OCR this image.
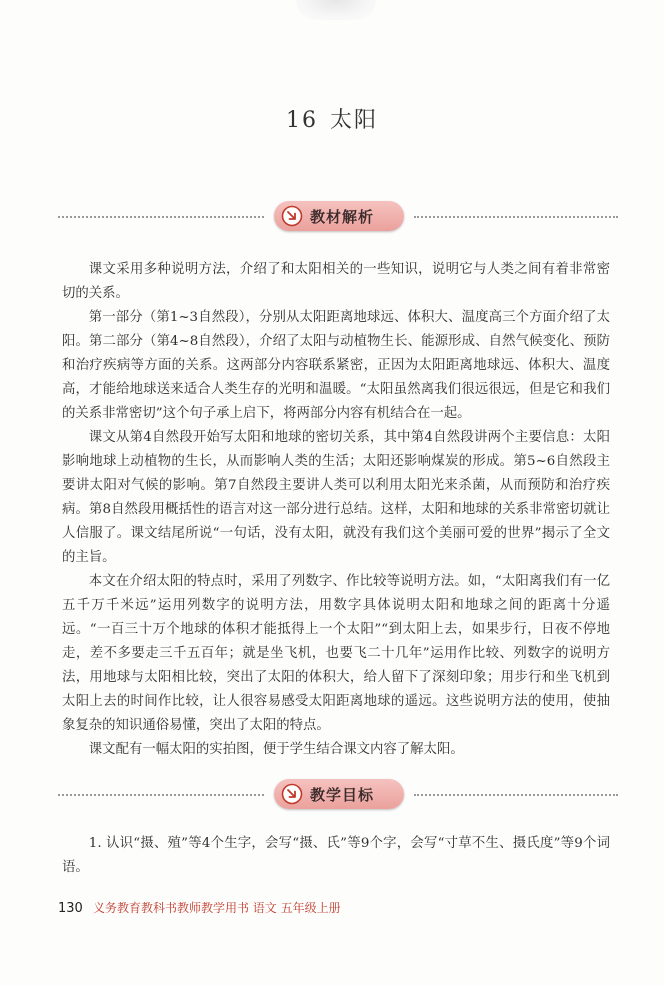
16 太阳
教材解析

课文采用多种说明方法，介绍了和太阳相关的一些知识，说明它与人类之间有着非常密切的关系。

第一部分（第1~3自然段），分别从太阳距离地球远、体积大、温度高三个方面介绍了太阳。第二部分（第4~8自然段），介绍了太阳与动植物生长、能源形成、自然气候变化、预防和治疗疾病等方面的关系。这两部分内容联系紧密，正因为太阳距离地球远、体积大、温度高，才能给地球送来适合人类生存的光明和温暖。“太阳虽然离我们很远很远，但是它和我们的关系非常密切”这个句子承上启下，将两部分内容有机结合在一起。

课文从第4自然段开始写太阳和地球的密切关系，其中第4自然段讲两个主要信息：太阳影响地球上动植物的生长，从而影响人类的生活；太阳还影响煤炭的形成。第5~6自然段主要讲太阳对气候的影响。第7自然段主要讲人类可以利用太阳光来杀菌，从而预防和治疗疾病。第8自然段用概括性的语言对这一部分进行总结。这样，太阳和地球的关系非常密切就让人信服了。课文结尾所说“一句话，没有太阳，就没有我们这个美丽可爱的世界”揭示了全文的主旨。

本文在介绍太阳的特点时，采用了列数字、作比较等说明方法。如，“太阳离我们有一亿五千万千米远”运用列数字的说明方法，用数字具体说明太阳和地球之间的距离十分遥远。“一百三十万个地球的体积才能抵得上一个太阳”“到太阳上去，如果步行，日夜不停地走，差不多要走三千五百年；就是坐飞机，也要飞二十几年”运用作比较、列数字的说明方法，用地球与太阳相比较，突出了太阳的体积大，给人留下了深刻印象；用步行和坐飞机到太阳上去的时间作比较，让人很容易感受太阳距离地球的遥远。这些说明方法的使用，使抽象复杂的知识通俗易懂，突出了太阳的特点。

课文配有一幅太阳的实拍图，便于学生结合课文内容了解太阳。

教学目标

1. 认识“摄、殖”等4个生字，会写“摄、氏”等9个字，会写“寸草不生、摄氏度”等9个词语。

130 义务教育教科书教师教学用书 语文 五年级上册
